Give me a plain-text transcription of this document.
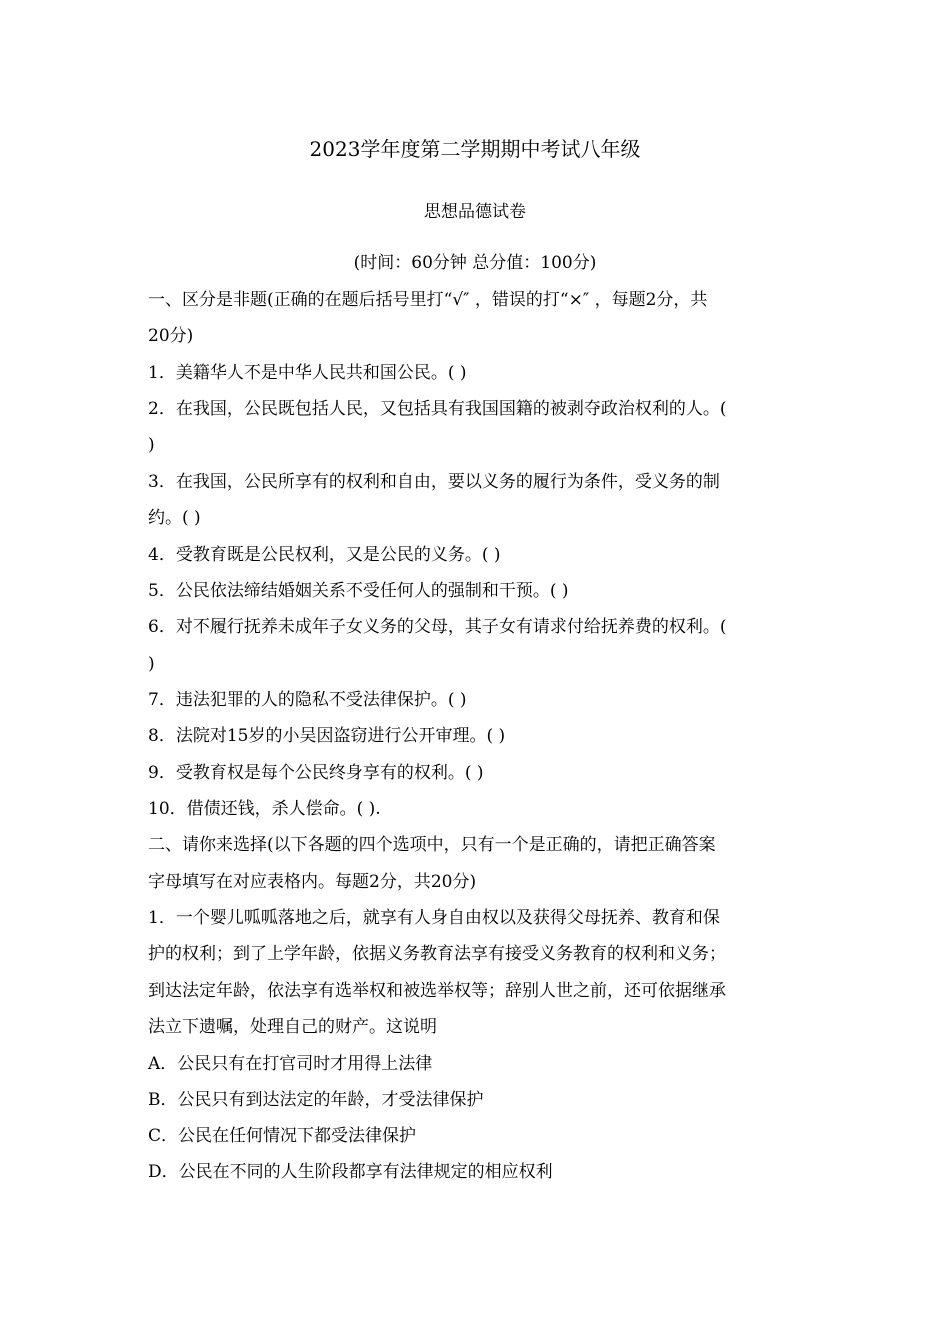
2023学年度第二学期期中考试八年级
思想品德试卷
(时间：60分钟 总分值：100分)
一、区分是非题(正确的在题后括号里打“√″ ，错误的打“×″ ，每题2分，共
20分)
1．美籍华人不是中华人民共和国公民。( )
2．在我国，公民既包括人民，又包括具有我国国籍的被剥夺政治权利的人。(
)
3．在我国，公民所享有的权利和自由，要以义务的履行为条件，受义务的制
约。( )
4．受教育既是公民权利，又是公民的义务。( )
5．公民依法缔结婚姻关系不受任何人的强制和干预。( )
6．对不履行抚养未成年子女义务的父母，其子女有请求付给抚养费的权利。(
)
7．违法犯罪的人的隐私不受法律保护。( )
8．法院对15岁的小吴因盗窃进行公开审理。( )
9．受教育权是每个公民终身享有的权利。( )
10．借债还钱，杀人偿命。( ).
二、请你来选择(以下各题的四个选项中，只有一个是正确的，请把正确答案
字母填写在对应表格内。每题2分，共20分)
1．一个婴儿呱呱落地之后，就享有人身自由权以及获得父母抚养、教育和保
护的权利；到了上学年龄，依据义务教育法享有接受义务教育的权利和义务；
到达法定年龄，依法享有选举权和被选举权等；辞别人世之前，还可依据继承
法立下遗嘱，处理自己的财产。这说明
A．公民只有在打官司时才用得上法律
B．公民只有到达法定的年龄，才受法律保护
C．公民在任何情况下都受法律保护
D．公民在不同的人生阶段都享有法律规定的相应权利
